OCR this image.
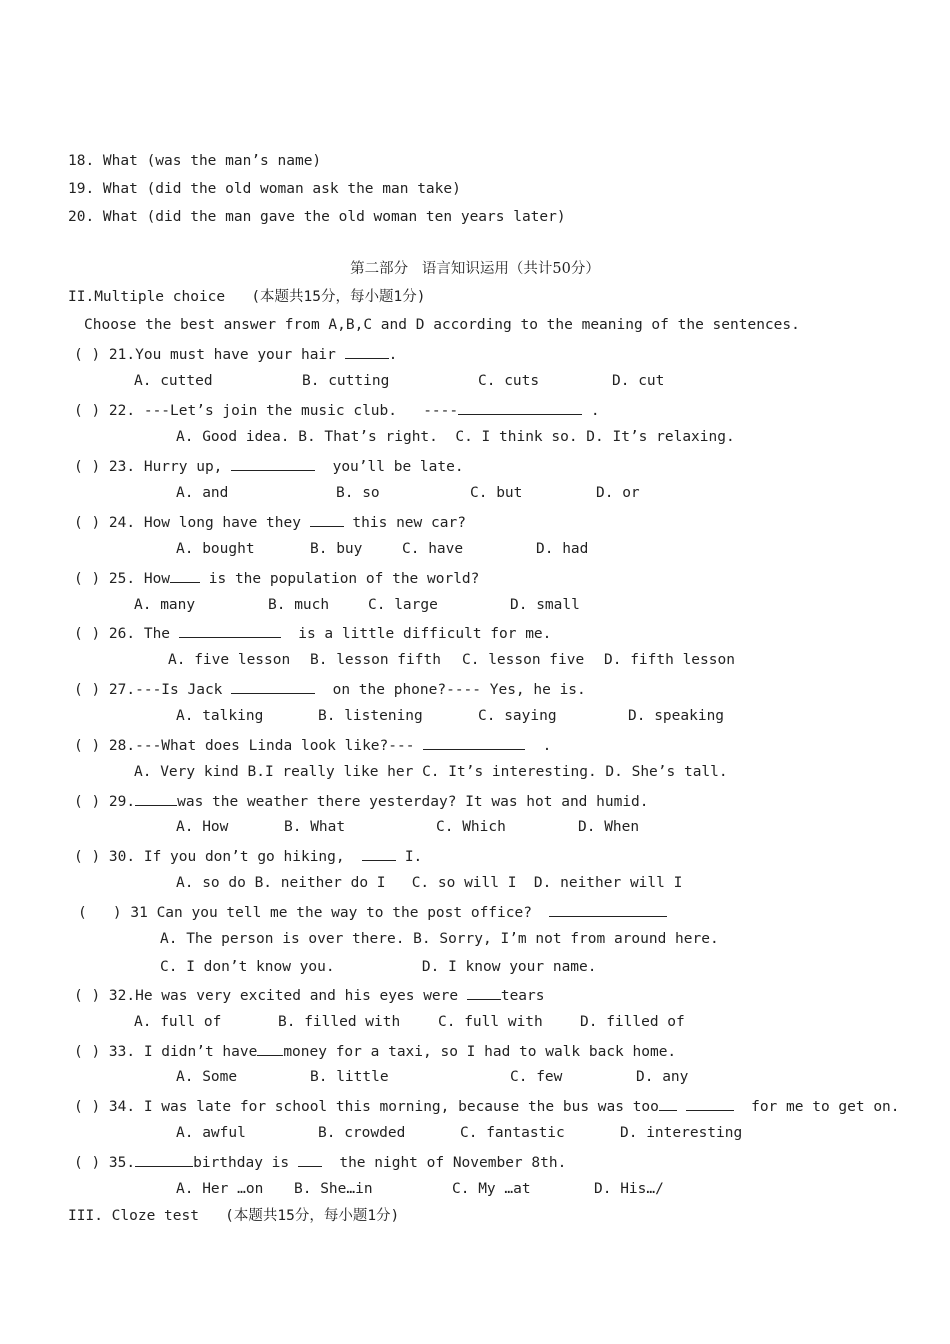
18. What (was the man’s name)
19. What (did the old woman ask the man take)
20. What (did the man gave the old woman ten years later)
第二部分   语言知识运用（共计50分）
II.Multiple choice   (本题共15分，每小题1分)
Choose the best answer from A,B,C and D according to the meaning of the sentences.
( ) 21.You must have your hair	.
A. cutted	B. cutting	C. cuts	D. cut
( ) 22. ---Let’s join the music club.   ----	.
A. Good idea. B. That’s right.  C. I think so. D. It’s relaxing.
( ) 23. Hurry up,	you’ll be late.
A. and	B. so	C. but	D. or
( ) 24. How long have they  this new car?
A. bought	B. buy	C. have	D. had
( ) 25. How is the population of the world?
A. many	B. much	C. large	D. small
( ) 26. The	is a little difficult for me.
A. five lesson B. lesson fifth C. lesson five D. fifth lesson
( ) 27.---Is Jack	on the phone?---- Yes, he is.
A. talking	B. listening	C. saying	D. speaking
( ) 28.---What does Linda look like?---	.
A. Very kind B.I really like her C. It’s interesting. D. She’s tall.
( ) 29.	was the weather there yesterday? It was hot and humid.
A. How	B. What	C. Which	D. When
( ) 30. If you don’t go hiking,   I.
A. so do B. neither do I   C. so will I  D. neither will I
(   ) 31 Can you tell me the way to the post office?
A. The person is over there. B. Sorry, I’m not from around here.
C. I don’t know you.          D. I know your name.
( ) 32.He was very excited and his eyes were tears
A. full of	B. filled with	C. full with	D. filled of
( ) 33. I didn’t have money for a taxi, so I had to walk back home.
A. Some	B. little	C. few	D. any
( ) 34. I was late for school this morning, because the bus was too	for me to get on.
A. awful	B. crowded	C. fantastic	D. interesting
( ) 35.	birthday is   the night of November 8th.
A. Her …on B. She…in	C. My …at	D. His…/
III. Cloze test   (本题共15分，每小题1分)
